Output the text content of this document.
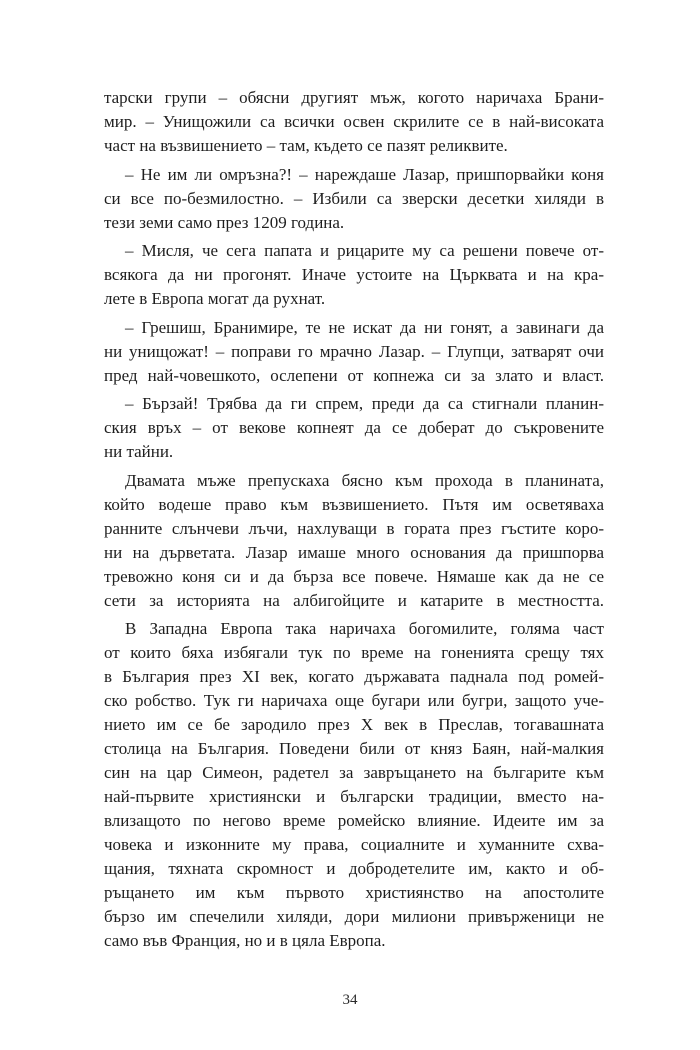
тарски групи – обясни другият мъж, когото наричаха Брани-
мир. – Унищожили са всички освен скрилите се в най-високата
част на възвишението – там, където се пазят реликвите.
– Не им ли омръзна?! – нареждаше Лазар, пришпорвайки коня
си все по-безмилостно. – Избили са зверски десетки хиляди в
тези земи само през 1209 година.
– Мисля, че сега папата и рицарите му са решени повече от-
всякога да ни прогонят. Иначе устоите на Църквата и на кра-
лете в Европа могат да рухнат.
– Грешиш, Бранимире, те не искат да ни гонят, а завинаги да
ни унищожат! – поправи го мрачно Лазар. – Глупци, затварят очи
пред най-човешкото, ослепени от копнежа си за злато и власт.
– Бързай! Трябва да ги спрем, преди да са стигнали планин-
ския връх – от векове копнеят да се доберат до съкровените
ни тайни.
Двамата мъже препускаха бясно към прохода в планината,
който водеше право към възвишението. Пътя им осветяваха
ранните слънчеви лъчи, нахлуващи в гората през гъстите коро-
ни на дърветата. Лазар имаше много основания да пришпорва
тревожно коня си и да бърза все повече. Нямаше как да не се
сети за историята на албигойците и катарите в местността.
В Западна Европа така наричаха богомилите, голяма част
от които бяха избягали тук по време на гоненията срещу тях
в България през XI век, когато държавата паднала под ромей-
ско робство. Тук ги наричаха още бугари или бугри, защото уче-
нието им се бе зародило през X век в Преслав, тогавашната
столица на България. Поведени били от княз Баян, най-малкия
син на цар Симеон, радетел за завръщането на българите към
най-първите християнски и български традиции, вместо на-
влизащото по негово време ромейско влияние. Идеите им за
човека и изконните му права, социалните и хуманните схва-
щания, тяхната скромност и добродетелите им, както и об-
ръщането им към първото християнство на апостолите
бързо им спечелили хиляди, дори милиони привърженици не
само във Франция, но и в цяла Европа.
34
